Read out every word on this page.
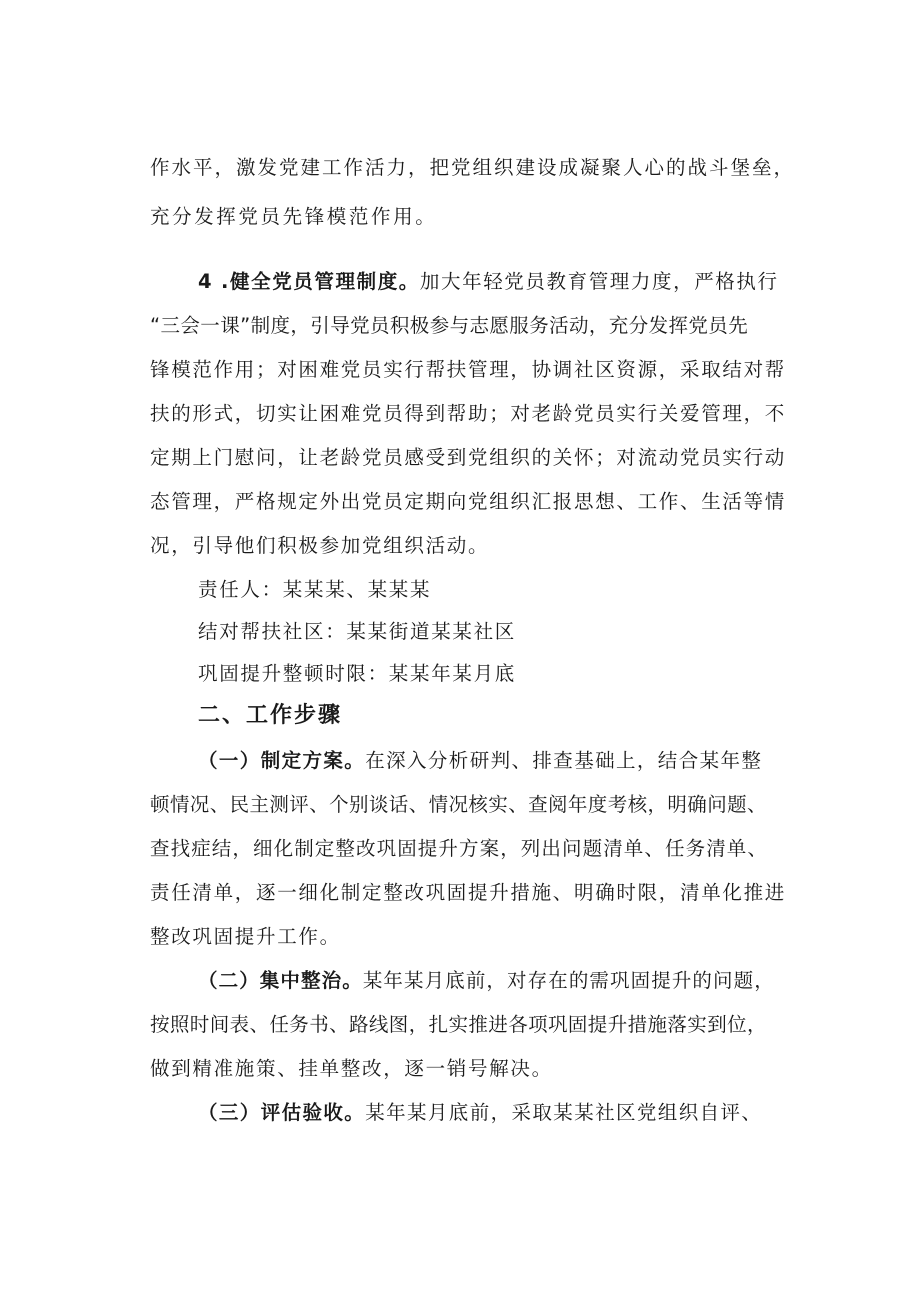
作水平，激发党建工作活力，把党组织建设成凝聚人心的战斗堡垒，
充分发挥党员先锋模范作用。
4 .健全党员管理制度。加大年轻党员教育管理力度，严格执行
“三会一课”制度，引导党员积极参与志愿服务活动，充分发挥党员先
锋模范作用；对困难党员实行帮扶管理，协调社区资源，采取结对帮
扶的形式，切实让困难党员得到帮助；对老龄党员实行关爱管理，不
定期上门慰问，让老龄党员感受到党组织的关怀；对流动党员实行动
态管理，严格规定外出党员定期向党组织汇报思想、工作、生活等情
况，引导他们积极参加党组织活动。
责任人：某某某、某某某
结对帮扶社区：某某街道某某社区
巩固提升整顿时限：某某年某月底
二、工作步骤
（一）制定方案。在深入分析研判、排查基础上，结合某年整
顿情况、民主测评、个别谈话、情况核实、查阅年度考核，明确问题、
查找症结，细化制定整改巩固提升方案，列出问题清单、任务清单、
责任清单，逐一细化制定整改巩固提升措施、明确时限，清单化推进
整改巩固提升工作。
（二）集中整治。某年某月底前，对存在的需巩固提升的问题，
按照时间表、任务书、路线图，扎实推进各项巩固提升措施落实到位，
做到精准施策、挂单整改，逐一销号解决。
（三）评估验收。某年某月底前，采取某某社区党组织自评、
